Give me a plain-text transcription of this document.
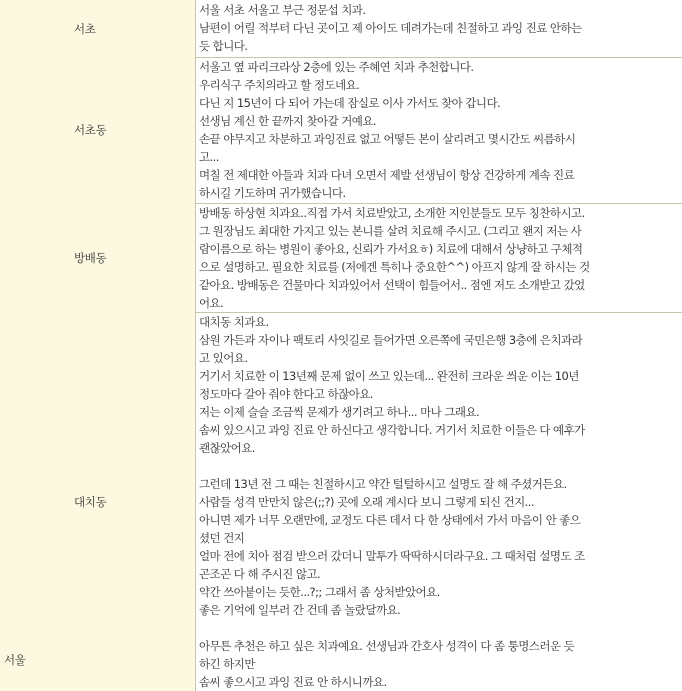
서울
서초
서울 서초 서울고 부근 정문섭 치과.
남편이 어릴 적부터 다닌 곳이고 제 아이도 데려가는데 친절하고 과잉 진료 안하는
듯 합니다.
서초동
서울고 옆 파리크라상 2층에 있는 주혜연 치과 추천합니다.
우리식구 주치의라고 할 정도네요.
다닌 지 15년이 다 되어 가는데 잠실로 이사 가서도 찾아 갑니다.
선생님 계신 한 끝까지 찾아갈 거예요.
손끝 야무지고 차분하고 과잉진료 없고 어떻든 본이 살리려고 몇시간도 씨름하시
고...
며칠 전 제대한 아들과 치과 다녀 오면서 제발 선생님이 항상 건강하게 계속 진료
하시길 기도하며 귀가했습니다.
방배동
방배동 하상현 치과요..직접 가서 치료받았고, 소개한 지인분들도 모두 칭찬하시고.
그 원장님도 최대한 가지고 있는 본니를 살려 치료해 주시고. (그리고 왠지 저는 사
람이름으로 하는 병원이 좋아요, 신뢰가 가서요ㅎ) 치료에 대해서 상냥하고 구체적
으로 설명하고. 필요한 치료를 (저에겐 특히나 중요한^^) 아프지 않게 잘 하시는 것
같아요. 방배동은 건물마다 치과있어서 선택이 힘들어서.. 점엔 저도 소개받고 갔었
어요.
대치동
대치동 치과요.
삼원 가든과 자이나 팩토리 사잇길로 들어가면 오른쪽에 국민은행 3층에 은치과라
고 있어요.
거기서 치료한 이 13년째 문제 없이 쓰고 있는데... 완전히 크라운 씌운 이는 10년
정도마다 갈아 줘야 한다고 하잖아요.
저는 이제 슬슬 조금씩 문제가 생기려고 하나... 마나 그래요.
솜씨 있으시고 과잉 진료 안 하신다고 생각합니다. 거기서 치료한 이들은 다 예후가
괜찮았어요.
그런데 13년 전 그 때는 친절하시고 약간 털털하시고 설명도 잘 해 주셨거든요.
사람들 성격 만만치 않은(;;?) 곳에 오래 계시다 보니 그렇게 되신 건지...
아니면 제가 너무 오랜만에, 교정도 다른 데서 다 한 상태에서 가서 마음이 안 좋으
셨던 건지
얼마 전에 치아 점검 받으러 갔더니 말투가 딱딱하시더라구요. 그 때처럼 설명도 조
곤조곤 다 해 주시진 않고.
약간 쓰아붙이는 듯한...?;; 그래서 좀 상처받았어요.
좋은 기억에 일부러 간 건데 좀 놀랐달까요.
아무튼 추천은 하고 싶은 치과예요. 선생님과 간호사 성격이 다 좀 퉁명스러운 듯
하긴 하지만
솜씨 좋으시고 과잉 진료 안 하시니까요.
